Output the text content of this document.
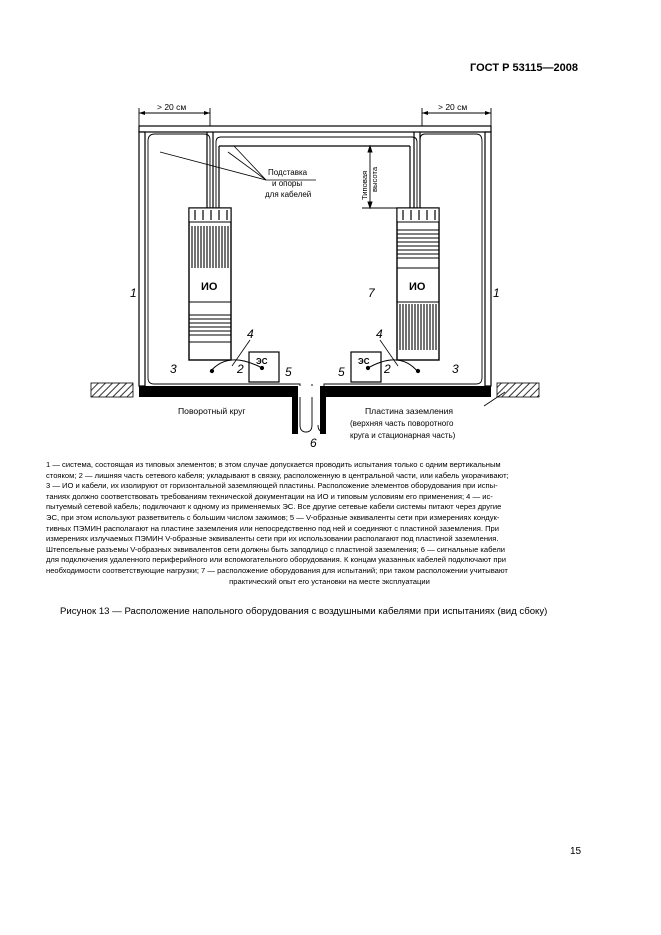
ГОСТ Р 53115—2008
> 20 см	> 20 см
ИО	ИО
ЭС	ЭС
Типовая высота
Подставка
и опоры
для кабелей
Поворотный круг	Пластина заземления
(верхняя часть поворотного
круга и стационарная часть)
1	1
7
3	3
2	2
4	4
5	5
6

1 — система, состоящая из типовых элементов; в этом случае допускается проводить испытания только с одним вертикальным

стояком; 2 — лишняя часть сетевого кабеля; укладывают в связку, расположенную в центральной части, или кабель укорачивают;

3 — ИО и кабели, их изолируют от горизонтальной заземляющей пластины. Расположение элементов оборудования при испы-

таниях должно соответствовать требованиям технической документации на ИО и типовым условиям его применения; 4 — ис-

пытуемый сетевой кабель; подключают к одному из применяемых ЭС. Все другие сетевые кабели системы питают через другие

ЭС, при этом используют разветвитель с большим числом зажимов; 5 — V-образные эквиваленты сети при измерениях кондук-

тивных ПЭМИН располагают на пластине заземления или непосредственно под ней и соединяют с пластиной заземления. При

измерениях излучаемых ПЭМИН V-образные эквиваленты сети при их использовании располагают под пластиной заземления.

Штепсельные разъемы V-образных эквивалентов сети должны быть заподлицо с пластиной заземления; 6 — сигнальные кабели

для подключения удаленного периферийного или вспомогательного оборудования. К концам указанных кабелей подключают при

необходимости соответствующие нагрузки; 7 — расположение оборудования для испытаний; при таком расположении учитывают

практический опыт его установки на месте эксплуатации

Рисунок 13 — Расположение напольного оборудования с воздушными кабелями при испытаниях (вид сбоку)
15
